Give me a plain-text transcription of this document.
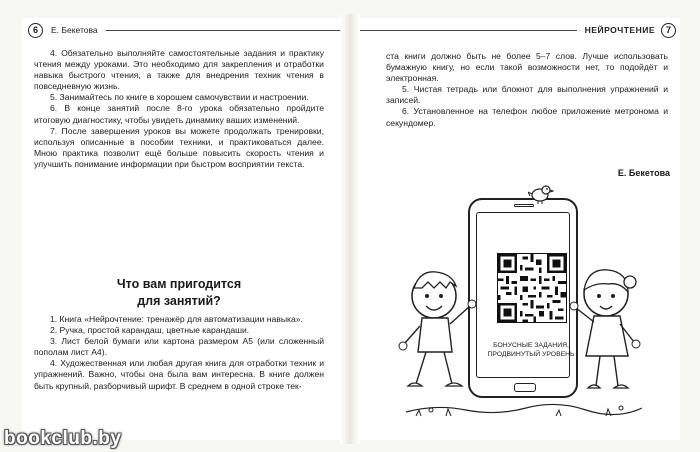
6	Е. Бекетова

4. Обязательно выполняйте самостоятельные задания и практику чтения между уроками. Это необходимо для закрепления и отработки навыка быстрого чтения, а также для внедрения техник чтения в повседневную жизнь.

5. Занимайтесь по книге в хорошем самочувствии и настроении.

6. В конце занятий после 8-го урока обязательно пройдите итоговую диагностику, чтобы увидеть динамику ваших изменений.

7. После завершения уроков вы можете продолжать тренировки, используя описанные в пособии техники, и практиковаться далее. Мною практика позволит ещё больше повысить скорость чтения и улучшить понимание информации при быстром восприятии текста.

Что вам пригодится
для занятий?

1. Книга «Нейрочтение: тренажёр для автоматизации навыка».

2. Ручка, простой карандаш, цветные карандаши.

3. Лист белой бумаги или картона размером А5 (или сложенный пополам лист А4).

4. Художественная или любая другая книга для отработки техник и упражнений. Важно, чтобы она была вам интересна. В книге должен быть крупный, разборчивый шрифт. В среднем в одной строке тек-

НЕЙРОЧТЕНИЕ	7
ста книги должно быть не более 5–7 слов. Лучше использовать бумажную книгу, но если такой возможности нет, то подойдёт и электронная.

5. Чистая тетрадь или блокнот для выполнения упражнений и записей.

6. Установленное на телефон любое приложение метронома и секундомер.

Е. Бекетова
БОНУСНЫЕ ЗАДАНИЯ,
ПРОДВИНУТЫЙ УРОВЕНЬ
bookclub.by
